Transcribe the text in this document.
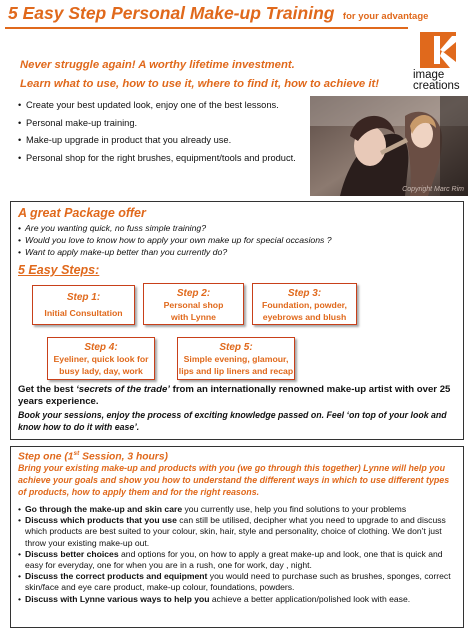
5 Easy Step Personal Make-up Training for your advantage
image
creations
Never struggle again! A worthy lifetime investment.
Learn what to use, how to use it, where to find it, how to achieve it!
• Create your best updated look, enjoy one of the best lessons.
• Personal make-up training.
• Make-up upgrade in product that you already use.
• Personal shop for the right brushes, equipment/tools and product.
Copyright Marc Rim
A great Package offer
• Are you wanting quick, no fuss simple training?
• Would you love to know how to apply your own make up for special occasions ?
• Want to apply make-up better than you currently do?
5 Easy Steps:
Step 1:
Initial Consultation
Step 2:
Personal shop with Lynne
Step 3:
Foundation, powder, eyebrows and blush
Step 4:
Eyeliner, quick look for busy lady, day, work
Step 5:
Simple evening, glamour, lips and lip liners and recap
Get the best ‘secrets of the trade’ from an internationally renowned make-up artist with over 25 years experience.
Book your sessions, enjoy the process of exciting knowledge passed on. Feel ‘on top of your look and know how to do it with ease’.
Step one (1st Session, 3 hours)
Bring your existing make-up and products with you (we go through this together) Lynne will help you achieve your goals and show you how to understand the different ways in which to use different types of products, how to apply them and for the right reasons.
• Go through the make-up and skin care you currently use, help you find solutions to your problems
• Discuss which products that you use can still be utilised, decipher what you need to upgrade to and discuss which products are best suited to your colour, skin, hair, style and personality, choice of clothing. We don’t just throw your existing make-up out.
• Discuss better choices and options for you, on how to apply a great make-up and look, one that is quick and easy for everyday, one for when you are in a rush, one for work, day , night.
• Discuss the correct products and equipment you would need to purchase such as brushes, sponges, correct skin/face and eye care product, make-up colour, foundations, powders.
• Discuss with Lynne various ways to help you achieve a better application/polished look with ease.
